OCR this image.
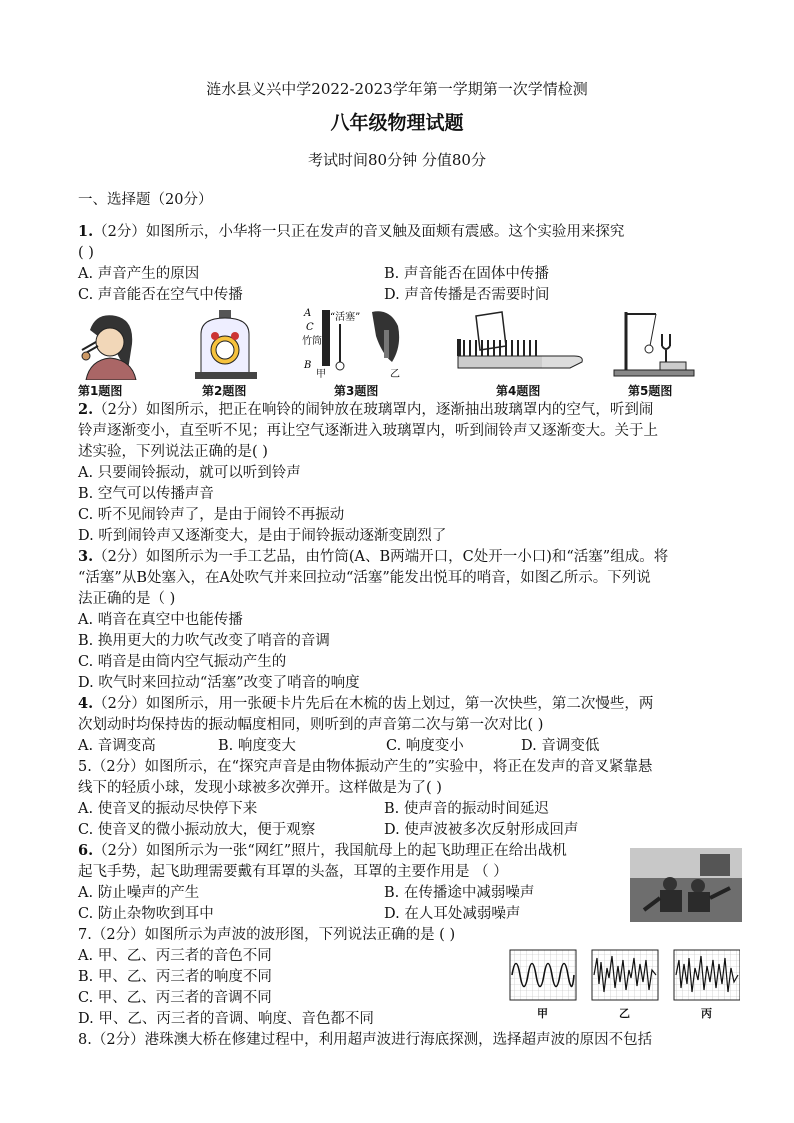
涟水县义兴中学2022-2023学年第一学期第一次学情检测
八年级物理试题
考试时间80分钟 分值80分
一、选择题（20分）
1.（2分）如图所示，小华将一只正在发声的音叉触及面颊有震感。这个实验用来探究
( )
A. 声音产生的原因	B. 声音能否在固体中传播
C. 声音能否在空气中传播	D. 声音传播是否需要时间
A
C
竹筒
B
“活塞”
甲	乙
第1题图	第2题图	第3题图	第4题图	第5题图
2.（2分）如图所示，把正在响铃的闹钟放在玻璃罩内，逐渐抽出玻璃罩内的空气，听到闹
铃声逐渐变小，直至听不见；再让空气逐渐进入玻璃罩内，听到闹铃声又逐渐变大。关于上
述实验，下列说法正确的是( )
A. 只要闹铃振动，就可以听到铃声
B. 空气可以传播声音
C. 听不见闹铃声了，是由于闹铃不再振动
D. 听到闹铃声又逐渐变大，是由于闹铃振动逐渐变剧烈了
3.（2分）如图所示为一手工艺品，由竹筒(A、B两端开口，C处开一小口)和“活塞”组成。将
“活塞”从B处塞入，在A处吹气并来回拉动“活塞”能发出悦耳的哨音，如图乙所示。下列说
法正确的是（ )
A. 哨音在真空中也能传播
B. 换用更大的力吹气改变了哨音的音调
C. 哨音是由筒内空气振动产生的
D. 吹气时来回拉动“活塞”改变了哨音的响度
4.（2分）如图所示，用一张硬卡片先后在木梳的齿上划过，第一次快些，第二次慢些，两
次划动时均保持齿的振动幅度相同，则听到的声音第二次与第一次对比( )
A. 音调变高	B. 响度变大	C. 响度变小	D. 音调变低
5.（2分）如图所示，在“探究声音是由物体振动产生的”实验中，将正在发声的音叉紧靠悬
线下的轻质小球，发现小球被多次弹开。这样做是为了( )
A. 使音叉的振动尽快停下来	B. 使声音的振动时间延迟
C. 使音叉的微小振动放大，便于观察	D. 使声波被多次反射形成回声
6.（2分）如图所示为一张“网红”照片，我国航母上的起飞助理正在给出战机
起飞手势，起飞助理需要戴有耳罩的头盔，耳罩的主要作用是 （ ）
A. 防止噪声的产生	B. 在传播途中减弱噪声
C. 防止杂物吹到耳中	D. 在人耳处减弱噪声
7.（2分）如图所示为声波的波形图，下列说法正确的是 ( )
A. 甲、乙、丙三者的音色不同
B. 甲、乙、丙三者的响度不同
C. 甲、乙、丙三者的音调不同
D. 甲、乙、丙三者的音调、响度、音色都不同	甲	乙	丙
8.（2分）港珠澳大桥在修建过程中，利用超声波进行海底探测，选择超声波的原因不包括
